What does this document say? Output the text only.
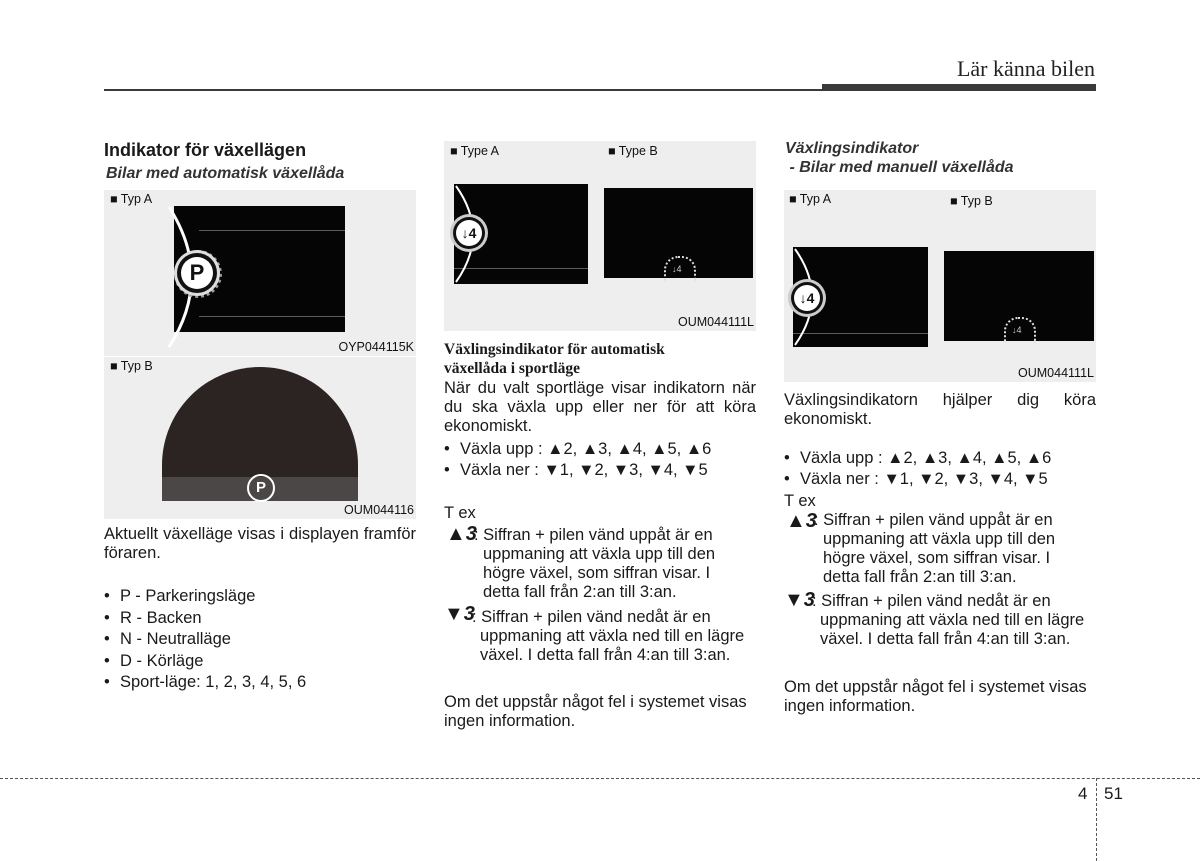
Lär känna bilen
Indikator för växellägen
Bilar med automatisk växellåda
■ Typ A
P
OYP044115K
■ Typ B
P
OUM044116
Aktuellt växelläge visas i displayen framför föraren.
• P - Parkeringsläge
• R - Backen
• N - Neutralläge
• D - Körläge
• Sport-läge: 1, 2, 3, 4, 5, 6
■ Type A	■ Type B
↓4
↓4
OUM044111L
Växlingsindikator för automatisk
växellåda i sportläge
När du valt sportläge visar indikatorn när du ska växla upp eller ner för att köra ekonomiskt.
• Växla upp : ▲2, ▲3, ▲4, ▲5, ▲6
• Växla ner : ▼1, ▼2, ▼3, ▼4, ▼5
T ex
▲3
: Siffran + pilen vänd uppåt är en
uppmaning att växla upp till den
högre växel, som siffran visar. I
detta fall från 2:an till 3:an.
▼3
: Siffran + pilen vänd nedåt är en
uppmaning att växla ned till en lägre
växel. I detta fall från 4:an till 3:an.
Om det uppstår något fel i systemet visas ingen information.
Växlingsindikator
- Bilar med manuell växellåda
■ Typ A	■ Typ B
↓4
↓4
OUM044111L
Växlingsindikatorn hjälper dig köra ekonomiskt.
• Växla upp : ▲2, ▲3, ▲4, ▲5, ▲6
• Växla ner : ▼1, ▼2, ▼3, ▼4, ▼5
T ex
▲3
: Siffran + pilen vänd uppåt är en
uppmaning att växla upp till den
högre växel, som siffran visar. I
detta fall från 2:an till 3:an.
▼3
: Siffran + pilen vänd nedåt är en
uppmaning att växla ned till en lägre
växel. I detta fall från 4:an till 3:an.
Om det uppstår något fel i systemet visas ingen information.
4 51
